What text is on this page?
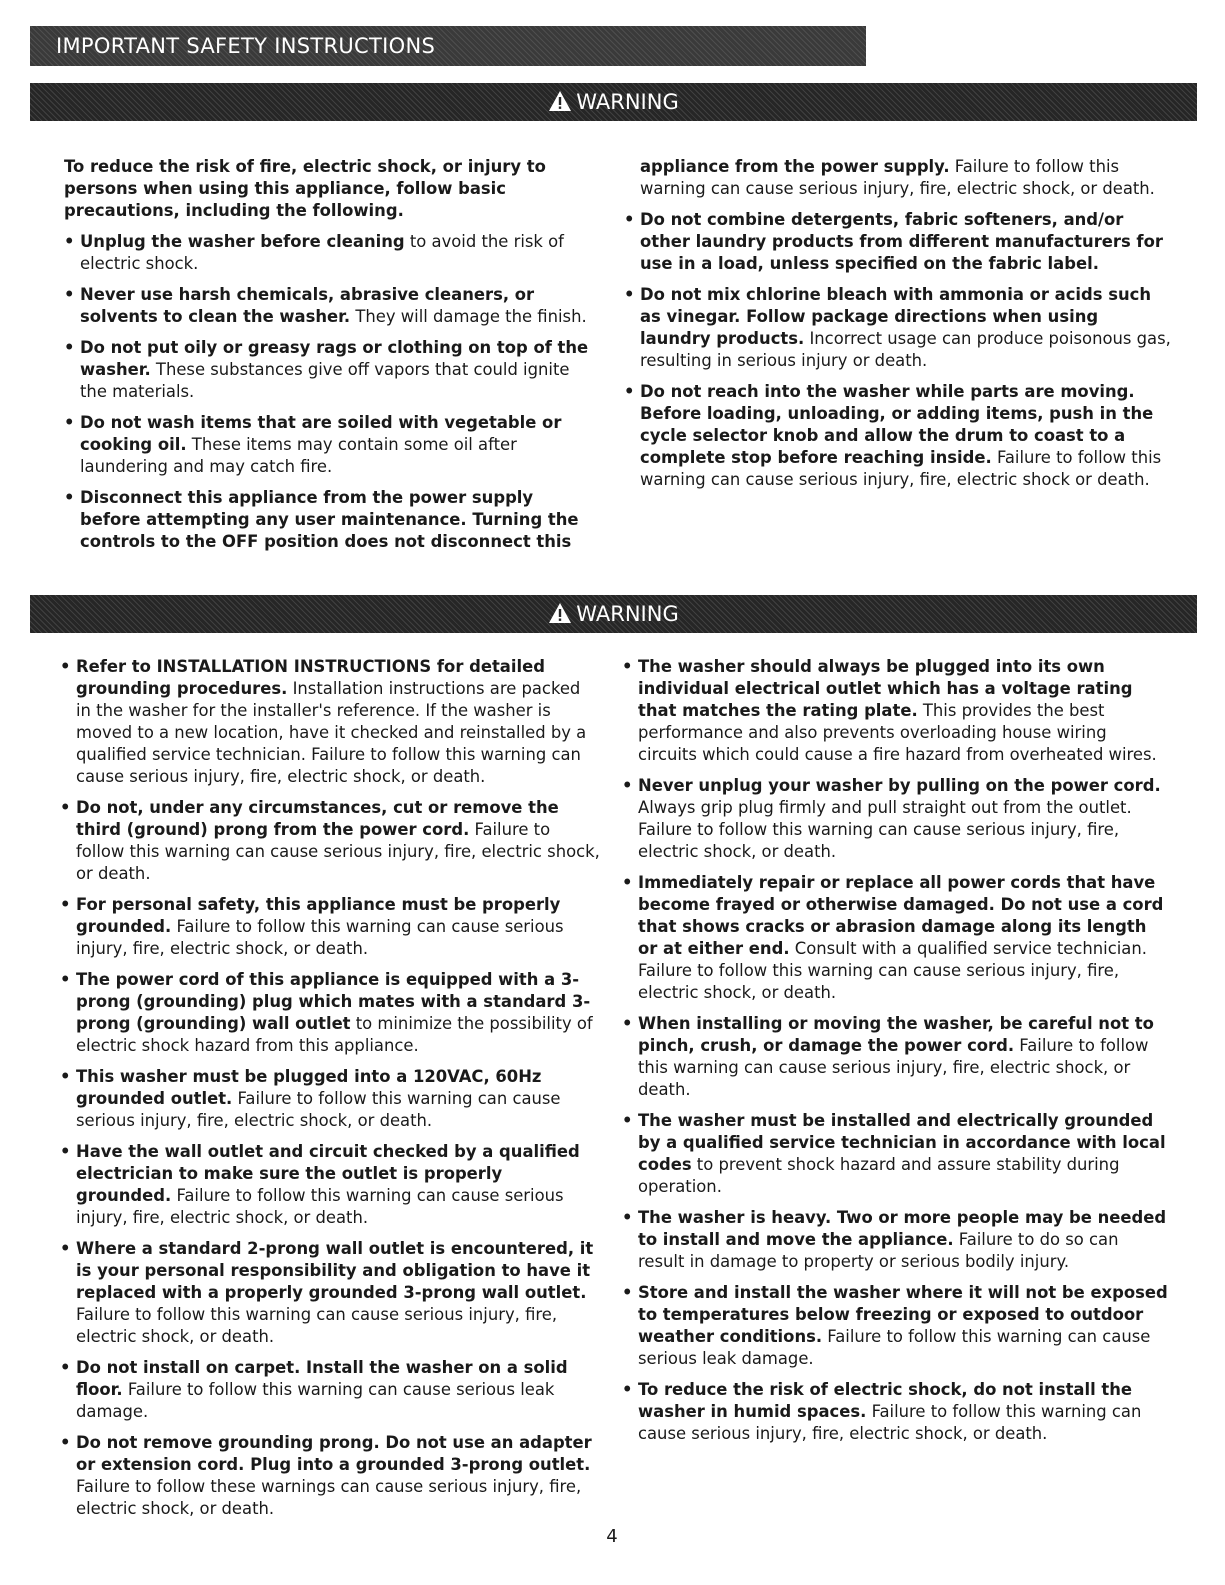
IMPORTANT SAFETY INSTRUCTIONS
WARNING

To reduce the risk of fire, electric shock, or injury to persons when using this appliance, follow basic precautions, including the following.

• Unplug the washer before cleaning to avoid the risk of electric shock.

• Never use harsh chemicals, abrasive cleaners, or solvents to clean the washer. They will damage the finish.

• Do not put oily or greasy rags or clothing on top of the washer. These substances give off vapors that could ignite the materials.

• Do not wash items that are soiled with vegetable or cooking oil. These items may contain some oil after laundering and may catch fire.

• Disconnect this appliance from the power supply before attempting any user maintenance. Turning the controls to the OFF position does not disconnect this

appliance from the power supply. Failure to follow this warning can cause serious injury, fire, electric shock, or death.

• Do not combine detergents, fabric softeners, and/or other laundry products from different manufacturers for use in a load, unless specified on the fabric label.

• Do not mix chlorine bleach with ammonia or acids such as vinegar. Follow package directions when using laundry products. Incorrect usage can produce poisonous gas, resulting in serious injury or death.

• Do not reach into the washer while parts are moving. Before loading, unloading, or adding items, push in the cycle selector knob and allow the drum to coast to a complete stop before reaching inside. Failure to follow this warning can cause serious injury, fire, electric shock or death.

WARNING

• Refer to INSTALLATION INSTRUCTIONS for detailed grounding procedures. Installation instructions are packed in the washer for the installer's reference. If the washer is moved to a new location, have it checked and reinstalled by a qualified service technician. Failure to follow this warning can cause serious injury, fire, electric shock, or death.

• Do not, under any circumstances, cut or remove the third (ground) prong from the power cord. Failure to follow this warning can cause serious injury, fire, electric shock, or death.

• For personal safety, this appliance must be properly grounded. Failure to follow this warning can cause serious injury, fire, electric shock, or death.

• The power cord of this appliance is equipped with a 3-prong (grounding) plug which mates with a standard 3-prong (grounding) wall outlet to minimize the possibility of electric shock hazard from this appliance.

• This washer must be plugged into a 120VAC, 60Hz grounded outlet. Failure to follow this warning can cause serious injury, fire, electric shock, or death.

• Have the wall outlet and circuit checked by a qualified electrician to make sure the outlet is properly grounded. Failure to follow this warning can cause serious injury, fire, electric shock, or death.

• Where a standard 2-prong wall outlet is encountered, it is your personal responsibility and obligation to have it replaced with a properly grounded 3-prong wall outlet. Failure to follow this warning can cause serious injury, fire, electric shock, or death.

• Do not install on carpet. Install the washer on a solid floor. Failure to follow this warning can cause serious leak damage.

• Do not remove grounding prong. Do not use an adapter or extension cord. Plug into a grounded 3-prong outlet. Failure to follow these warnings can cause serious injury, fire, electric shock, or death.

• The washer should always be plugged into its own individual electrical outlet which has a voltage rating that matches the rating plate. This provides the best performance and also prevents overloading house wiring circuits which could cause a fire hazard from overheated wires.

• Never unplug your washer by pulling on the power cord. Always grip plug firmly and pull straight out from the outlet. Failure to follow this warning can cause serious injury, fire, electric shock, or death.

• Immediately repair or replace all power cords that have become frayed or otherwise damaged. Do not use a cord that shows cracks or abrasion damage along its length or at either end. Consult with a qualified service technician. Failure to follow this warning can cause serious injury, fire, electric shock, or death.

• When installing or moving the washer, be careful not to pinch, crush, or damage the power cord. Failure to follow this warning can cause serious injury, fire, electric shock, or death.

• The washer must be installed and electrically grounded by a qualified service technician in accordance with local codes to prevent shock hazard and assure stability during operation.

• The washer is heavy. Two or more people may be needed to install and move the appliance. Failure to do so can result in damage to property or serious bodily injury.

• Store and install the washer where it will not be exposed to temperatures below freezing or exposed to outdoor weather conditions. Failure to follow this warning can cause serious leak damage.

• To reduce the risk of electric shock, do not install the washer in humid spaces. Failure to follow this warning can cause serious injury, fire, electric shock, or death.

4
